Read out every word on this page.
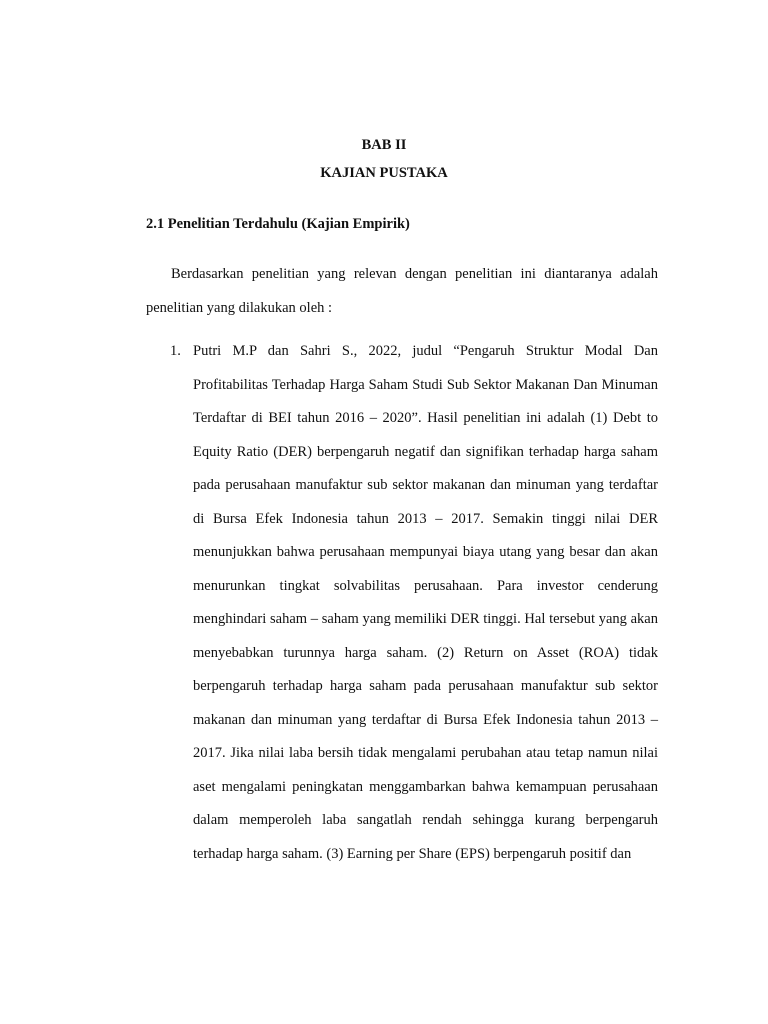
BAB II
KAJIAN PUSTAKA
2.1 Penelitian Terdahulu (Kajian Empirik)

Berdasarkan penelitian yang relevan dengan penelitian ini diantaranya adalah penelitian yang dilakukan oleh :

1. Putri M.P dan Sahri S., 2022, judul “Pengaruh Struktur Modal Dan Profitabilitas Terhadap Harga Saham Studi Sub Sektor Makanan Dan Minuman Terdaftar di BEI tahun 2016 – 2020”. Hasil penelitian ini adalah (1) Debt to Equity Ratio (DER) berpengaruh negatif dan signifikan terhadap harga saham pada perusahaan manufaktur sub sektor makanan dan minuman yang terdaftar di Bursa Efek Indonesia tahun 2013 – 2017. Semakin tinggi nilai DER menunjukkan bahwa perusahaan mempunyai biaya utang yang besar dan akan menurunkan tingkat solvabilitas perusahaan. Para investor cenderung menghindari saham – saham yang memiliki DER tinggi. Hal tersebut yang akan menyebabkan turunnya harga saham. (2) Return on Asset (ROA) tidak berpengaruh terhadap harga saham pada perusahaan manufaktur sub sektor makanan dan minuman yang terdaftar di Bursa Efek Indonesia tahun 2013 – 2017. Jika nilai laba bersih tidak mengalami perubahan atau tetap namun nilai aset mengalami peningkatan menggambarkan bahwa kemampuan perusahaan dalam memperoleh laba sangatlah rendah sehingga kurang berpengaruh terhadap harga saham. (3) Earning per Share (EPS) berpengaruh positif dan
